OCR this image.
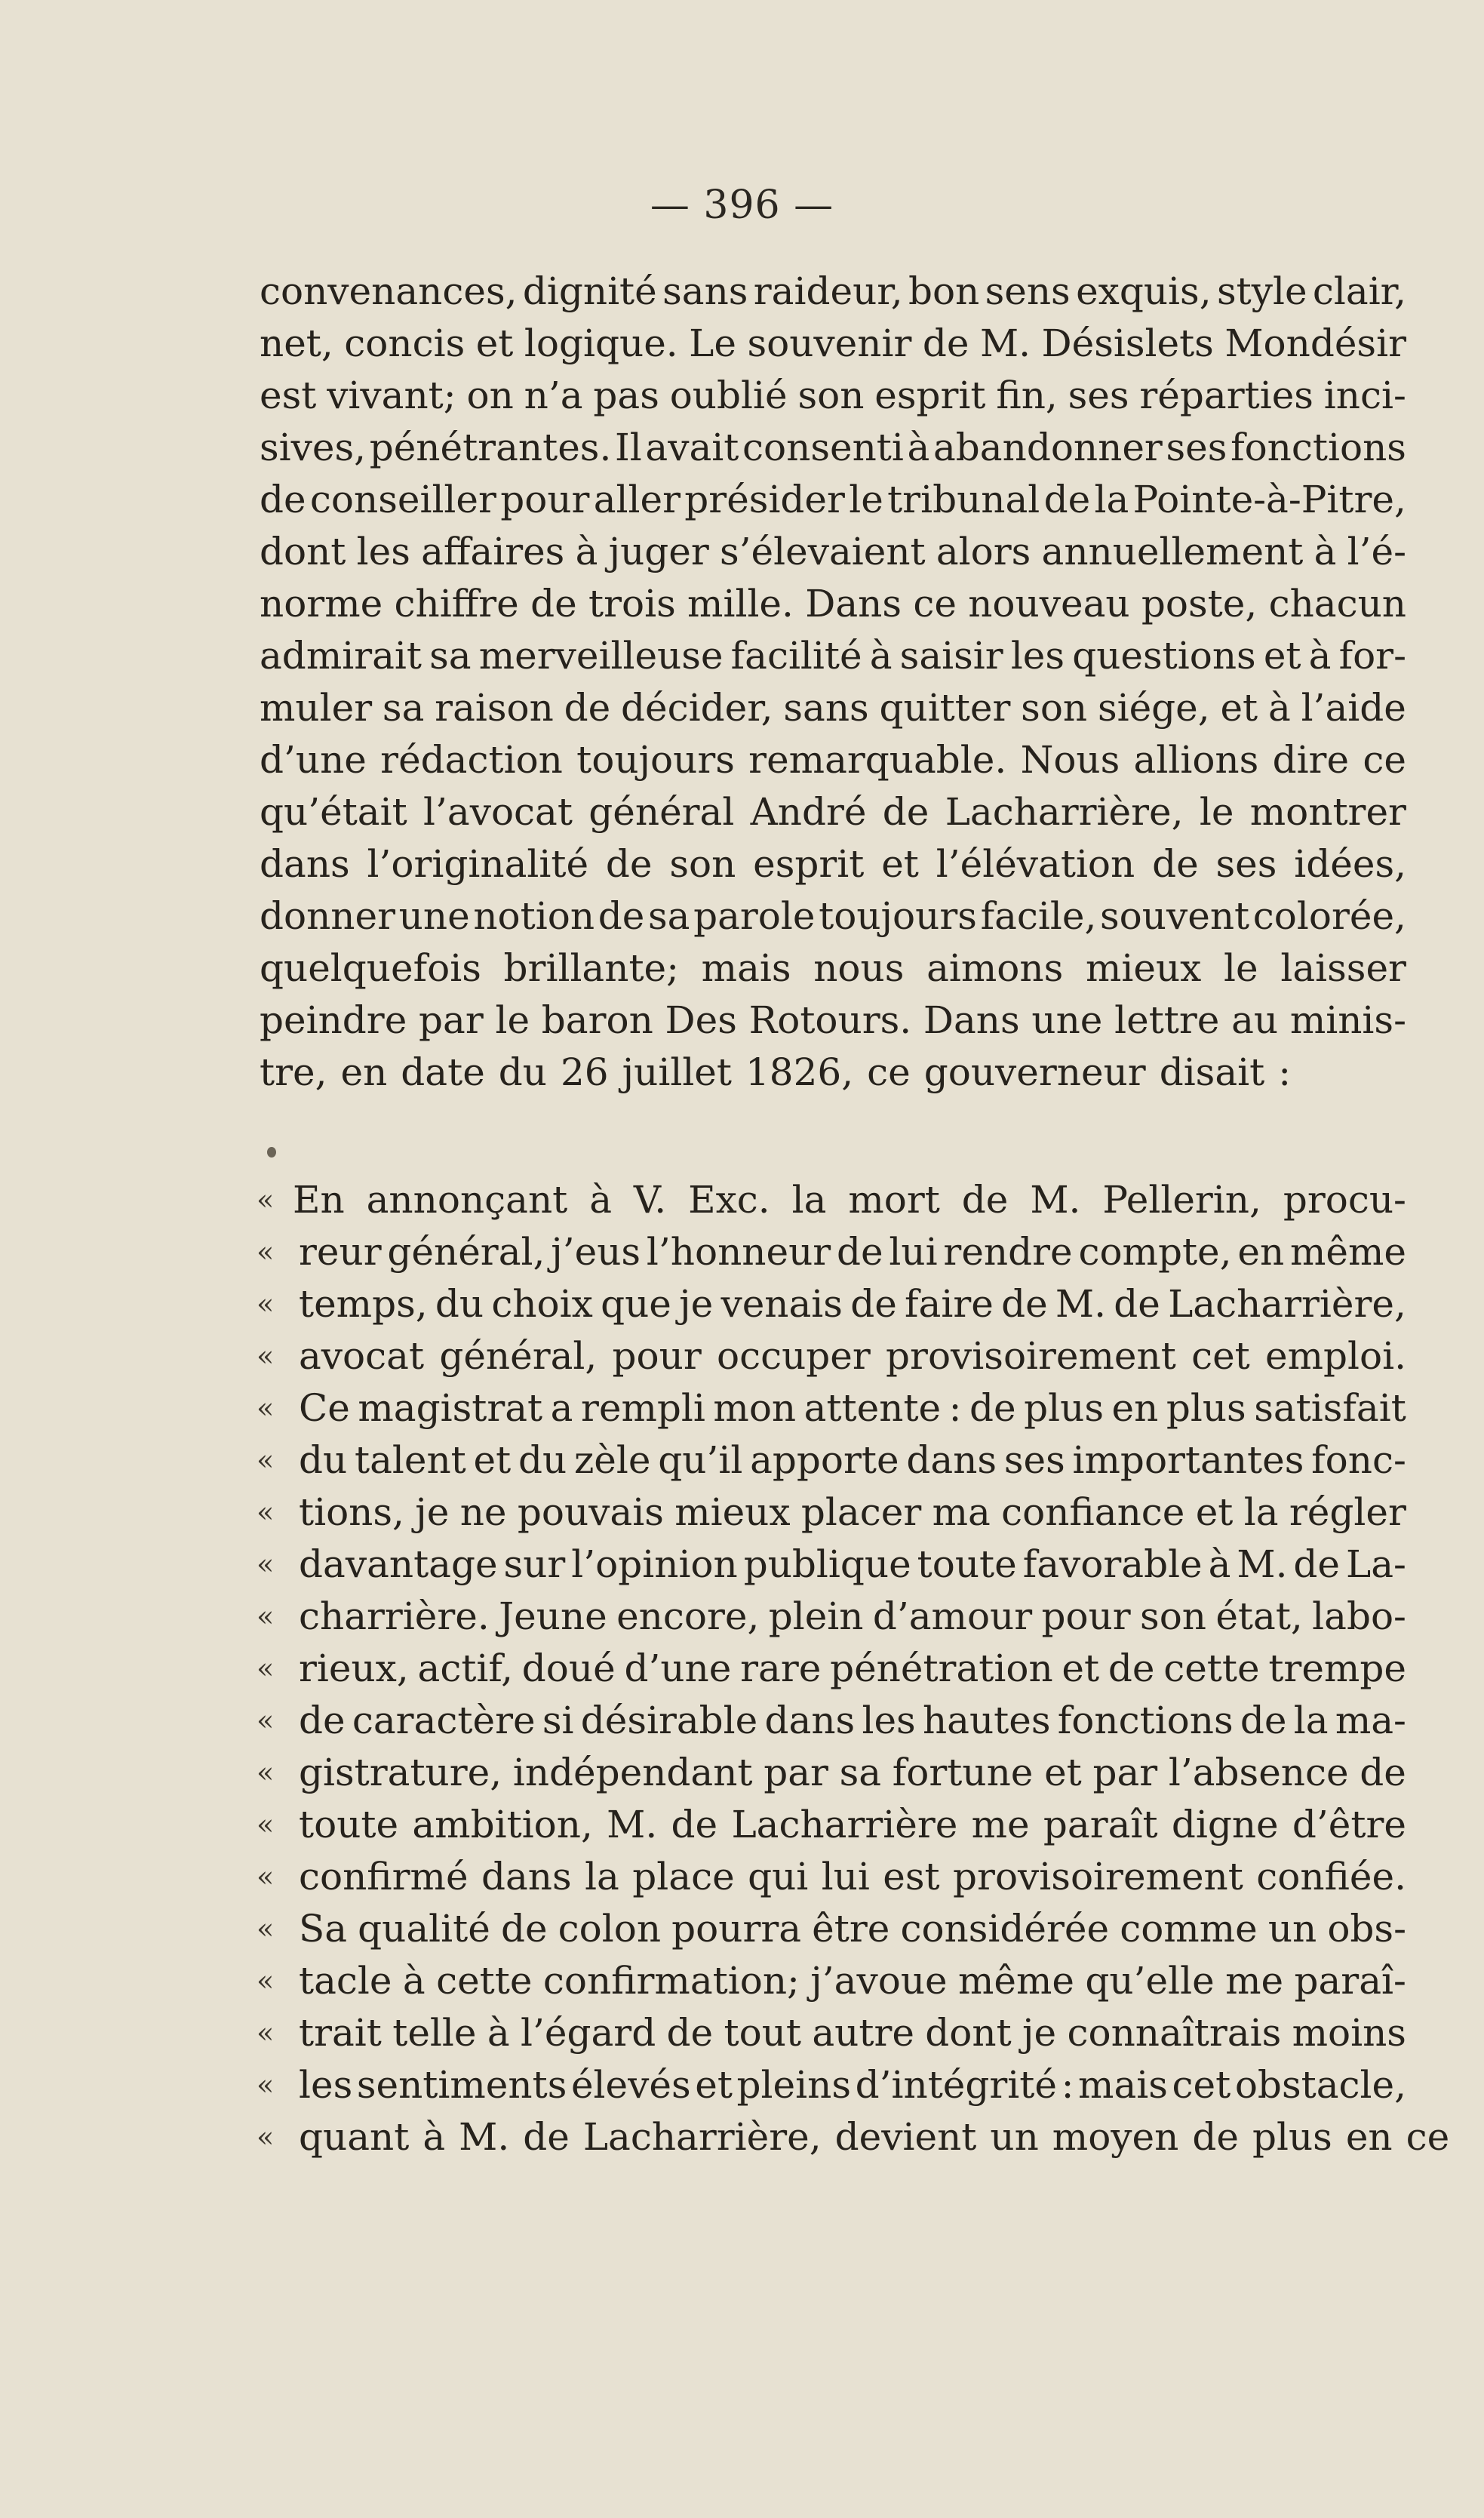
— 396 —
convenances, dignité sans raideur, bon sens exquis, style clair,
net, concis et logique. Le souvenir de M. Désislets Mondésir
est vivant; on n’a pas oublié son esprit fin, ses réparties inci-
sives, pénétrantes. Il avait consenti à abandonner ses fonctions
de conseiller pour aller présider le tribunal de la Pointe-à-Pitre,
dont les affaires à juger s’élevaient alors annuellement à l’é-
norme chiffre de trois mille. Dans ce nouveau poste, chacun
admirait sa merveilleuse facilité à saisir les questions et à for-
muler sa raison de décider, sans quitter son siége, et à l’aide
d’une rédaction toujours remarquable. Nous allions dire ce
qu’était l’avocat général André de Lacharrière, le montrer
dans l’originalité de son esprit et l’élévation de ses idées,
donner une notion de sa parole toujours facile, souvent colorée,
quelquefois brillante; mais nous aimons mieux le laisser
peindre par le baron Des Rotours. Dans une lettre au minis-
tre, en date du 26 juillet 1826, ce gouverneur disait :
« En annonçant à V. Exc. la mort de M. Pellerin, procu-
« reur général, j’eus l’honneur de lui rendre compte, en même
« temps, du choix que je venais de faire de M. de Lacharrière,
« avocat général, pour occuper provisoirement cet emploi.
« Ce magistrat a rempli mon attente : de plus en plus satisfait
« du talent et du zèle qu’il apporte dans ses importantes fonc-
« tions, je ne pouvais mieux placer ma confiance et la régler
« davantage sur l’opinion publique toute favorable à M. de La-
« charrière. Jeune encore, plein d’amour pour son état, labo-
« rieux, actif, doué d’une rare pénétration et de cette trempe
« de caractère si désirable dans les hautes fonctions de la ma-
« gistrature, indépendant par sa fortune et par l’absence de
« toute ambition, M. de Lacharrière me paraît digne d’être
« confirmé dans la place qui lui est provisoirement confiée.
« Sa qualité de colon pourra être considérée comme un obs-
« tacle à cette confirmation; j’avoue même qu’elle me paraî-
« trait telle à l’égard de tout autre dont je connaîtrais moins
« les sentiments élevés et pleins d’intégrité : mais cet obstacle,
« quant à M. de Lacharrière, devient un moyen de plus en ce
